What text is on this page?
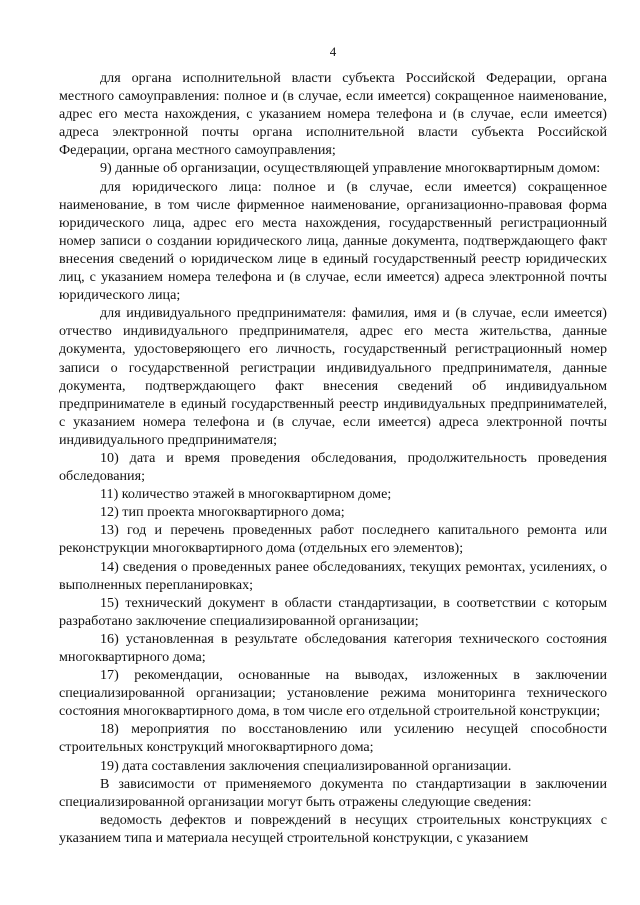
4

для органа исполнительной власти субъекта Российской Федерации, органа местного самоуправления: полное и (в случае, если имеется) сокращенное наименование, адрес его места нахождения, с указанием номера телефона и (в случае, если имеется) адреса электронной почты органа исполнительной власти субъекта Российской Федерации, органа местного самоуправления;

9) данные об организации, осуществляющей управление многоквартирным домом:

для юридического лица: полное и (в случае, если имеется) сокращенное наименование, в том числе фирменное наименование, организационно-правовая форма юридического лица, адрес его места нахождения, государственный регистрационный номер записи о создании юридического лица, данные документа, подтверждающего факт внесения сведений о юридическом лице в единый государственный реестр юридических лиц, с указанием номера телефона и (в случае, если имеется) адреса электронной почты юридического лица;

для индивидуального предпринимателя: фамилия, имя и (в случае, если имеется) отчество индивидуального предпринимателя, адрес его места жительства, данные документа, удостоверяющего его личность, государственный регистрационный номер записи о государственной регистрации индивидуального предпринимателя, данные документа, подтверждающего факт внесения сведений об индивидуальном предпринимателе в единый государственный реестр индивидуальных предпринимателей, с указанием номера телефона и (в случае, если имеется) адреса электронной почты индивидуального предпринимателя;

10) дата и время проведения обследования, продолжительность проведения обследования;

11) количество этажей в многоквартирном доме;

12) тип проекта многоквартирного дома;

13) год и перечень проведенных работ последнего капитального ремонта или реконструкции многоквартирного дома (отдельных его элементов);

14) сведения о проведенных ранее обследованиях, текущих ремонтах, усилениях, о выполненных перепланировках;

15) технический документ в области стандартизации, в соответствии с которым разработано заключение специализированной организации;

16) установленная в результате обследования категория технического состояния многоквартирного дома;

17) рекомендации, основанные на выводах, изложенных в заключении специализированной организации; установление режима мониторинга технического состояния многоквартирного дома, в том числе его отдельной строительной конструкции;

18) мероприятия по восстановлению или усилению несущей способности строительных конструкций многоквартирного дома;

19) дата составления заключения специализированной организации.

В зависимости от применяемого документа по стандартизации в заключении специализированной организации могут быть отражены следующие сведения:

ведомость дефектов и повреждений в несущих строительных конструкциях с указанием типа и материала несущей строительной конструкции, с указанием
